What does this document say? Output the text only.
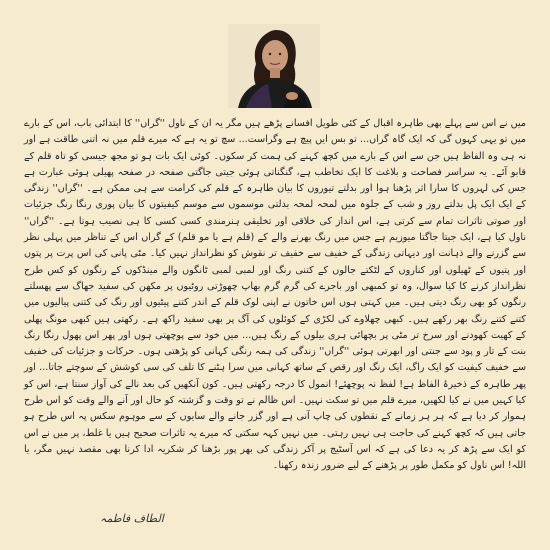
میں نے اس سے پہلے بھی طاہرہ اقبال کے کئی طویل افسانے پڑھے ہیں مگر یہ ان کے ناول ''گراں'' کا ابتدائی باب، اس کے بارے میں تو یہی کہوں گی کہ ایک گاہ گراں... تو بس ایں پیچ ہے وگراست... سچ تو یہ ہے کہ میرے قلم میں نہ اتنی طاقت ہے اور نہ ہی وہ الفاظ ہیں جن سے اس کے بارے میں کچھ کہنے کی ہمت کر سکوں۔ کوئی ایک بات ہو تو مجھ جیسی کو تاہ قلم کے قابو آئے۔ یہ سراسر فصاحت و بلاغت کا ایک تخاطب ہے، گنگناتی ہوئی جیتی جاگتی صفحہ در صفحہ پھیلی ہوئی عبارت ہے جس کی لہروں کا سارا اثر پڑھنا ہوا اور بدلتے تیوروں کا بیان طاہرہ کے قلم کی کرامت سے ہی ممکن ہے۔ ''گراں'' زندگی کے ایک ایک پل بدلتے روز و شب کے جلوہ میں لمحہ لمحہ بدلتی موسموں سے موسم کیفیتوں کا بیان پوری رنگا رنگ جزئیات اور صوتی تاثرات تمام سے کرتی ہے، اس انداز کی خلاقی اور تخلیقی ہنرمندی کسی کسی کا ہی نصیب ہوتا ہے۔ ''گراں'' ناول کیا ہے، ایک جیتا جاگتا میوزیم ہے جس میں رنگ بھرنے والے کے (قلم ہے یا مو قلم) کے گراں اس کے تناظر میں پہلی نظر سے گزرنے والے ذہانت اور دیہاتی زندگی کے خفیف سے خفیف تر نقوش کو نظرانداز نہیں کیا۔ مٹی پانی کی اس پرت پر پتوں اور پتیوں کے ٹھیلوں اور کناروں کے لٹکتے جالوں کے کتنی رنگ اور لمبی لمبی ٹانگوں والے مینڈکوں کے رنگوں کو کس طرح نظرانداز کرنے کا کیا سوال، وہ تو کمبھی اور باجرے کی گرم گرم بھاپ چھوڑتی روٹیوں پر مکھن کی سفید جھاگ سے پھسلتے رنگوں کو بھی رنگ دیتی ہیں۔ میں کہتی ہوں اس خاتون نے اپنی لوک قلم کے اندر کتنے پیٹیوں اور رنگ کی کتنی پیالیوں میں کتنے کتنے رنگ بھر رکھے ہیں۔ کبھی چھلاوے کی لکڑی کے کوئلوں کی آگ پر بھی سفید راکھ ہے۔ رکھتی ہیں کبھی مونگ پھلی کے کھیت کھودنے اور سرخ تر مٹی پر بچھائی ہری بیلوں کے رنگ ہیں... میں خود سے پوچھتی ہوں اور پھر اس پھول رنگا رنگ بنت کے تار و پود سے جنتی اور ابھرتی ہوئی ''گراں'' زندگی کی ہمہ رنگی کہانی کو پڑھتی ہوں۔ حرکات و جزئیات کی خفیف سے خفیف کیفیت کو ایک راگ، ایک رنگ اور رقص کے ساتھ کہانی میں سرا ہٹنے کا تلف کی سی کوشش کے سوچتے جاتا... اور پھر طاہرہ کے ذخیرۂ الفاظ ہے! لفظ نہ پوچھئے! انمول کا درجہ رکھتی ہیں۔ کون آنکھیں کی بعد نالے کی آواز سنتا ہے، اس کو کیا کہیں میں نے کیا لکھیں، میرے قلم میں تو سکت نہیں۔ اس ظالم نے تو وقت و گزشتہ کو حال اور آنے والے وقت کو اس طرح ہموار کر دیا ہے کہ ہر ہر زمانے کے نقطوں کی چاپ آنی ہے اور گزر جانے والے سایوں کے سے موہوم سکس پہ اس طرح ہو جاتی ہیں کہ کچھ کہنے کی حاجت ہی نہیں رہتی۔ میں نہیں کہہ سکتی کہ میرے یہ تاثرات صحیح ہیں یا غلط، پر میں نے اس کو ایک سے پڑھ کر یہ دعا کی ہے کہ اس آسٹیج پر آکر زندگی کی بھر پور بڑھنا کر شکریہ ادا کرنا بھی مقصد نہیں مگر، یا اللہ! اس ناول کو مکمل طور پر پڑھنے کے لیے ضرور زندہ رکھنا۔

الطاف فاطمہ
